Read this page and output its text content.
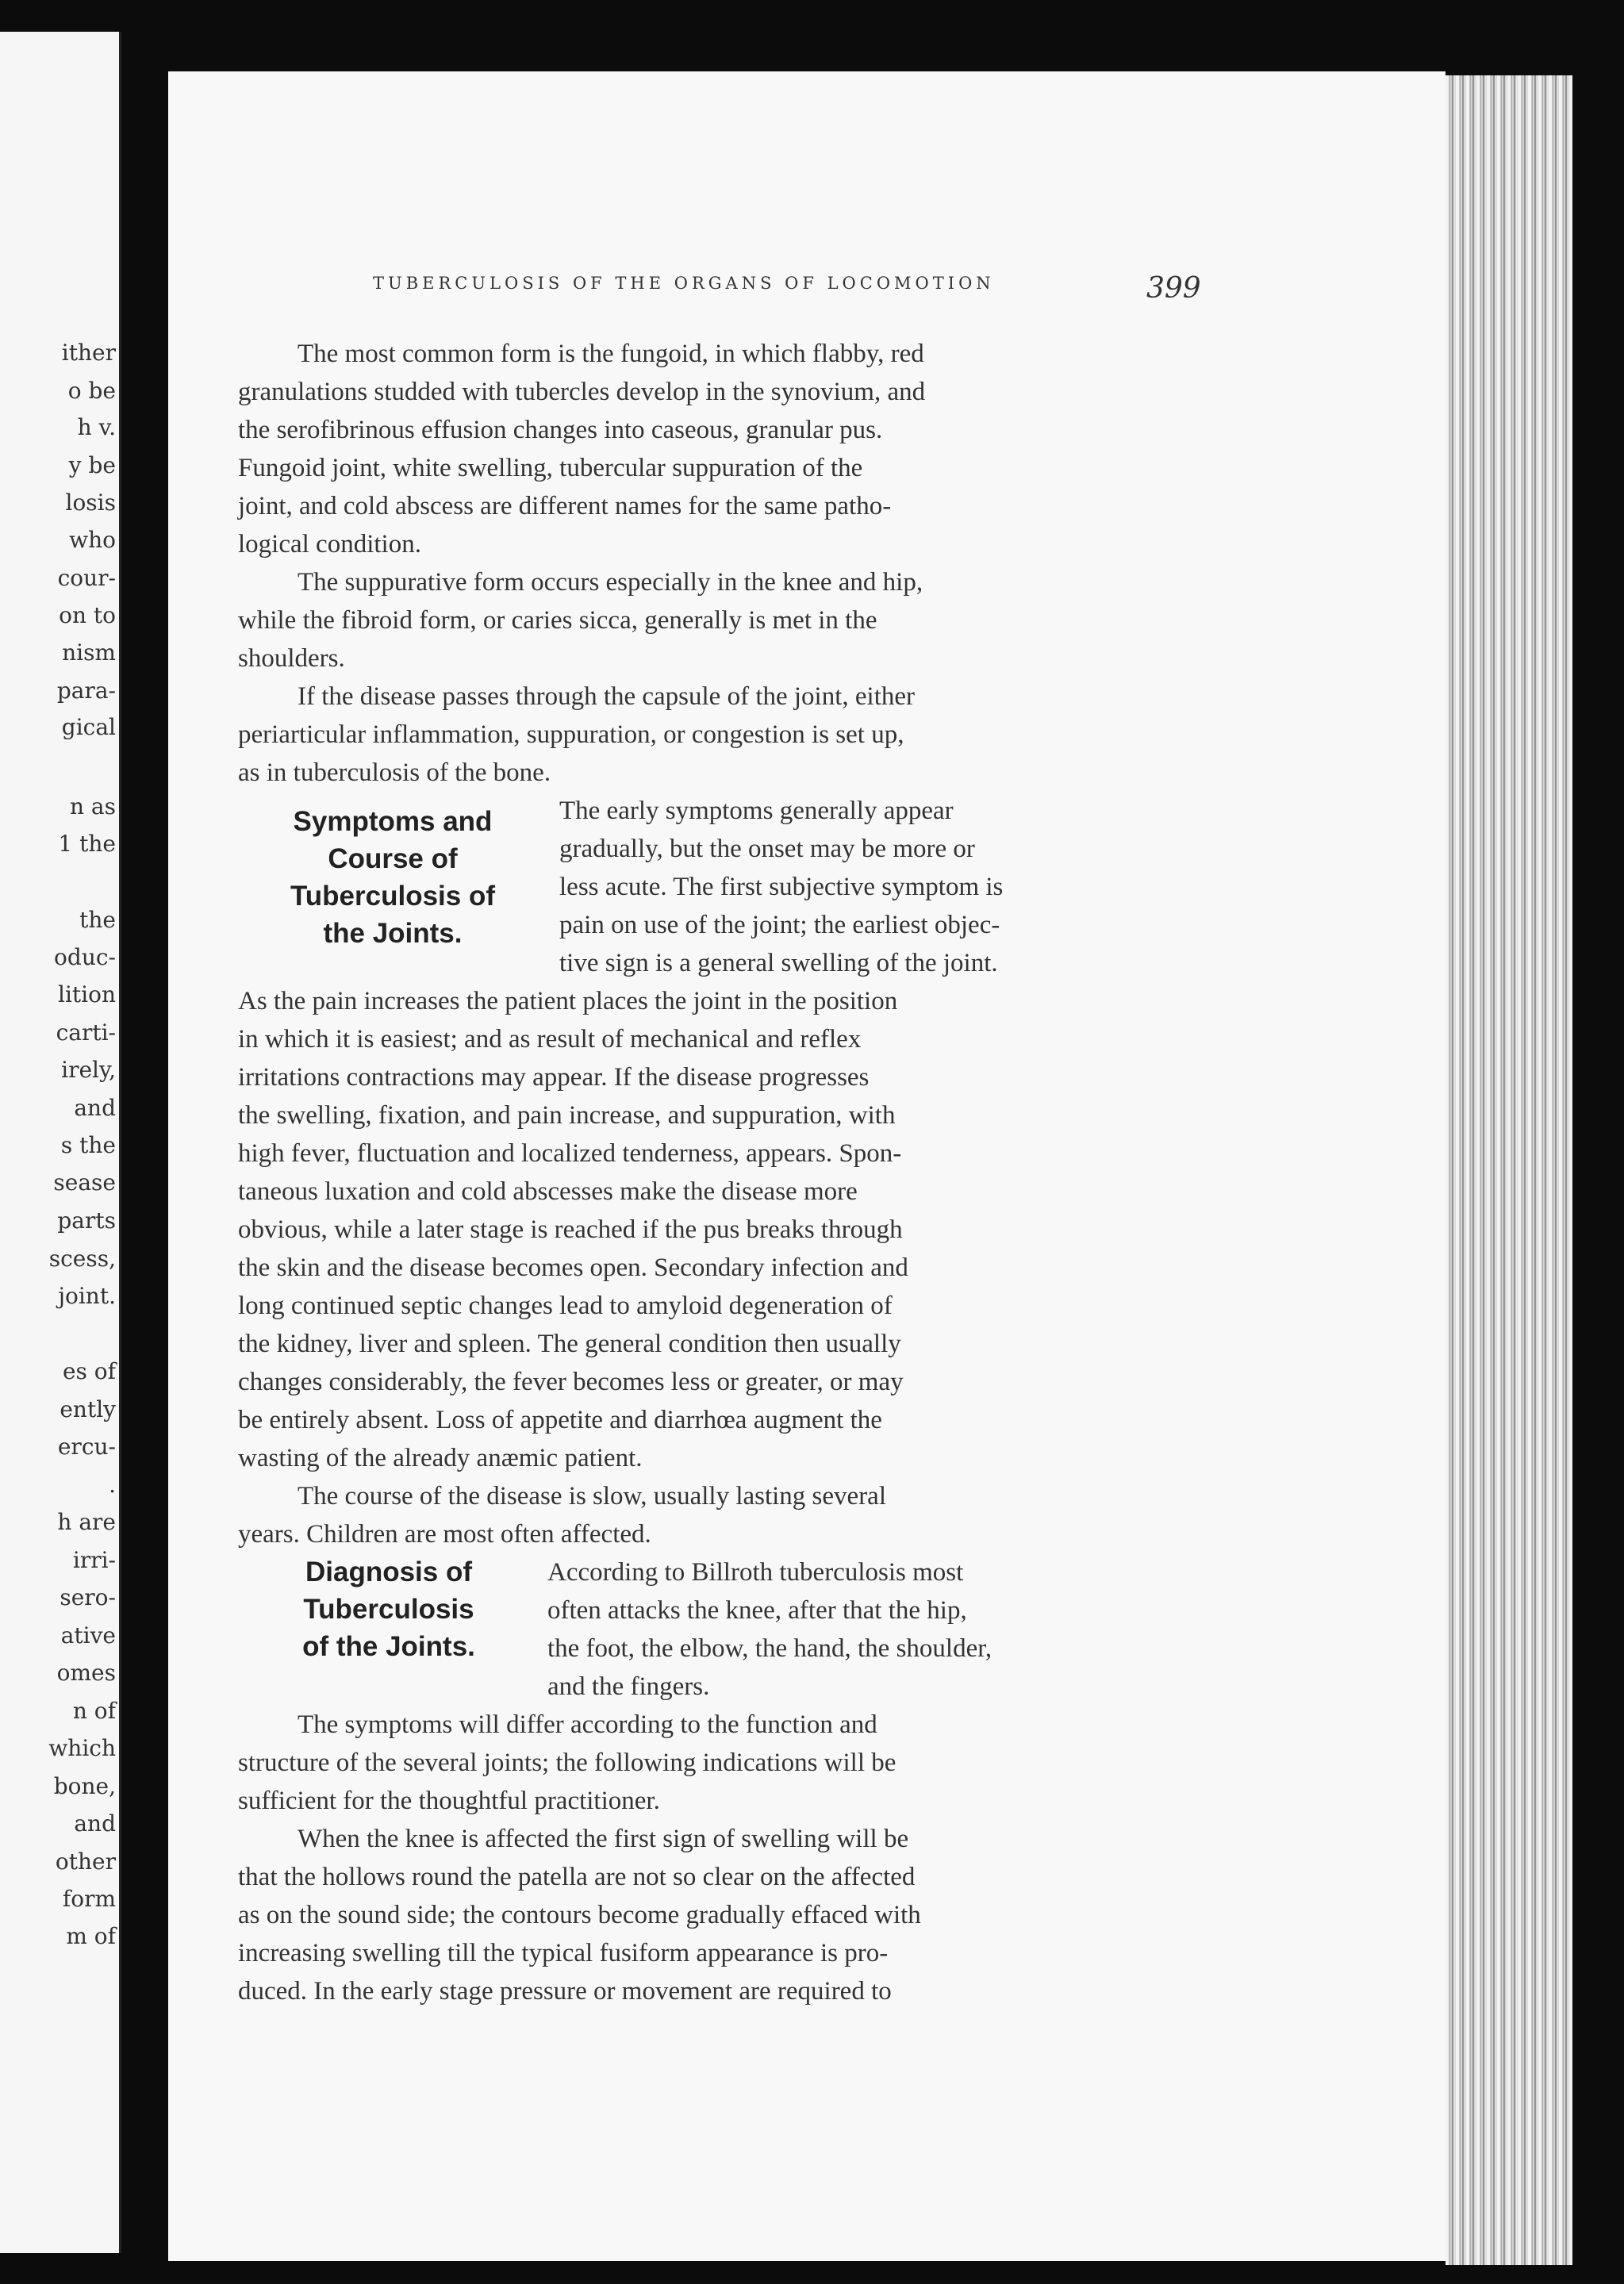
ither
o be
h v.
y be
losis
who
cour-
on to
nism
para-
gical
n as
1 the
the
oduc-
lition
carti-
irely,
and
s the
sease
parts
scess,
joint.
es of
ently
ercu-
.
h are
irri-
sero-
ative
omes
n of
which
bone,
and
other
form
m of
TUBERCULOSIS OF THE ORGANS OF LOCOMOTION	399
Symptoms and
Course of
Tuberculosis of
the Joints.
Diagnosis of
Tuberculosis
of the Joints.
The most common form is the fungoid, in which flabby, red
granulations studded with tubercles develop in the synovium, and
the serofibrinous effusion changes into caseous, granular pus.
Fungoid joint, white swelling, tubercular suppuration of the
joint, and cold abscess are different names for the same patho-
logical condition.
The suppurative form occurs especially in the knee and hip,
while the fibroid form, or caries sicca, generally is met in the
shoulders.
If the disease passes through the capsule of the joint, either
periarticular inflammation, suppuration, or congestion is set up,
as in tuberculosis of the bone.
The early symptoms generally appear
gradually, but the onset may be more or
less acute. The first subjective symptom is
pain on use of the joint; the earliest objec-
tive sign is a general swelling of the joint.
As the pain increases the patient places the joint in the position
in which it is easiest; and as result of mechanical and reflex
irritations contractions may appear. If the disease progresses
the swelling, fixation, and pain increase, and suppuration, with
high fever, fluctuation and localized tenderness, appears. Spon-
taneous luxation and cold abscesses make the disease more
obvious, while a later stage is reached if the pus breaks through
the skin and the disease becomes open. Secondary infection and
long continued septic changes lead to amyloid degeneration of
the kidney, liver and spleen. The general condition then usually
changes considerably, the fever becomes less or greater, or may
be entirely absent. Loss of appetite and diarrhœa augment the
wasting of the already anæmic patient.
The course of the disease is slow, usually lasting several
years. Children are most often affected.
According to Billroth tuberculosis most
often attacks the knee, after that the hip,
the foot, the elbow, the hand, the shoulder,
and the fingers.
The symptoms will differ according to the function and
structure of the several joints; the following indications will be
sufficient for the thoughtful practitioner.
When the knee is affected the first sign of swelling will be
that the hollows round the patella are not so clear on the affected
as on the sound side; the contours become gradually effaced with
increasing swelling till the typical fusiform appearance is pro-
duced. In the early stage pressure or movement are required to
